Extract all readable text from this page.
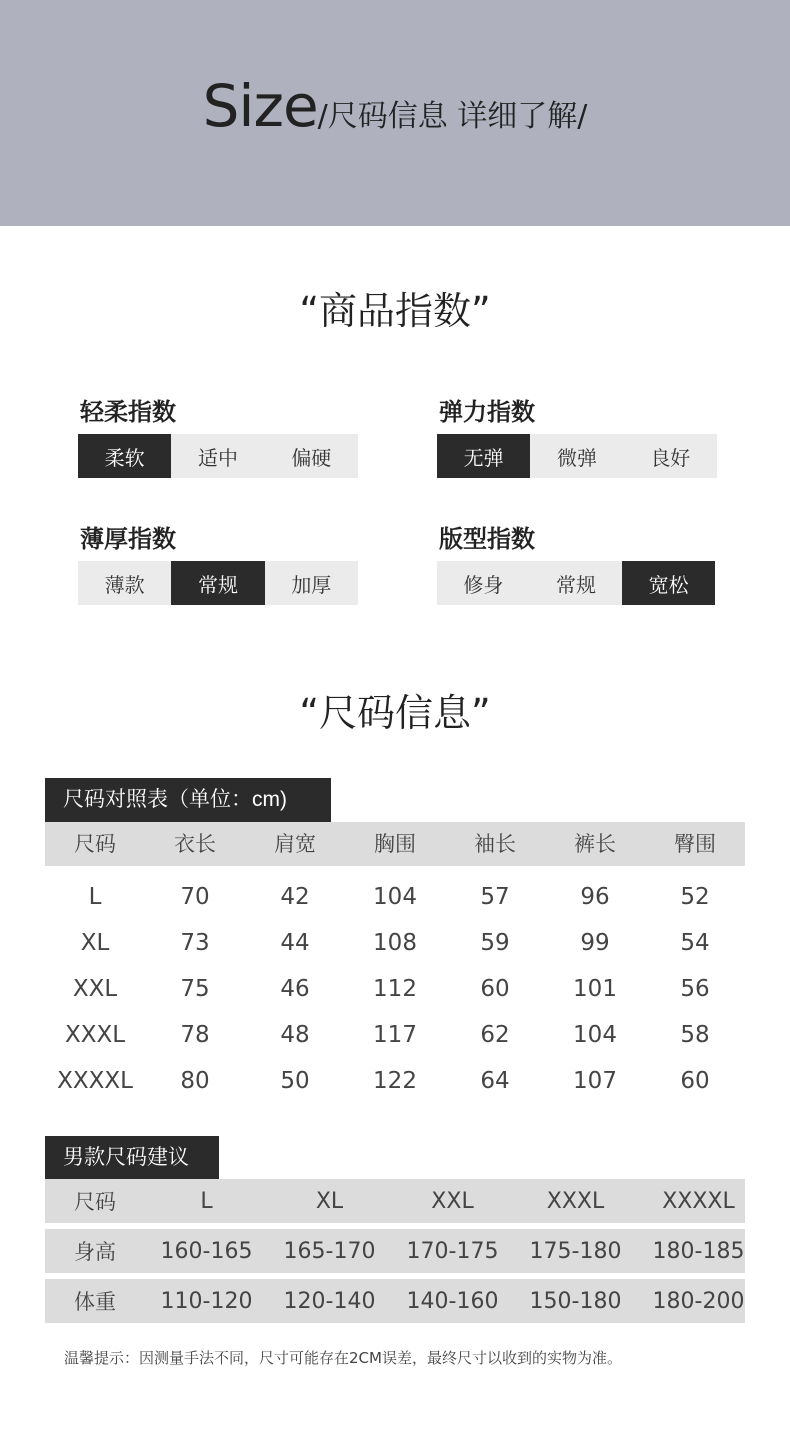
Size/尺码信息 详细了解/
“商品指数”
轻柔指数
柔软	适中	偏硬
弹力指数
无弹	微弹	良好
薄厚指数
薄款	常规	加厚
版型指数
修身	常规	宽松
“尺码信息”
尺码对照表（单位：cm)
尺码	衣长	肩宽	胸围	袖长	裤长	臀围
L	70	42	104	57	96	52
XL	73	44	108	59	99	54
XXL	75	46	112	60	101	56
XXXL	78	48	117	62	104	58
XXXXL	80	50	122	64	107	60
男款尺码建议
尺码	L	XL	XXL	XXXL	XXXXL
身高	160-165	165-170	170-175	175-180	180-185
体重	110-120	120-140	140-160	150-180	180-200
温馨提示：因测量手法不同，尺寸可能存在2CM误差，最终尺寸以收到的实物为准。
